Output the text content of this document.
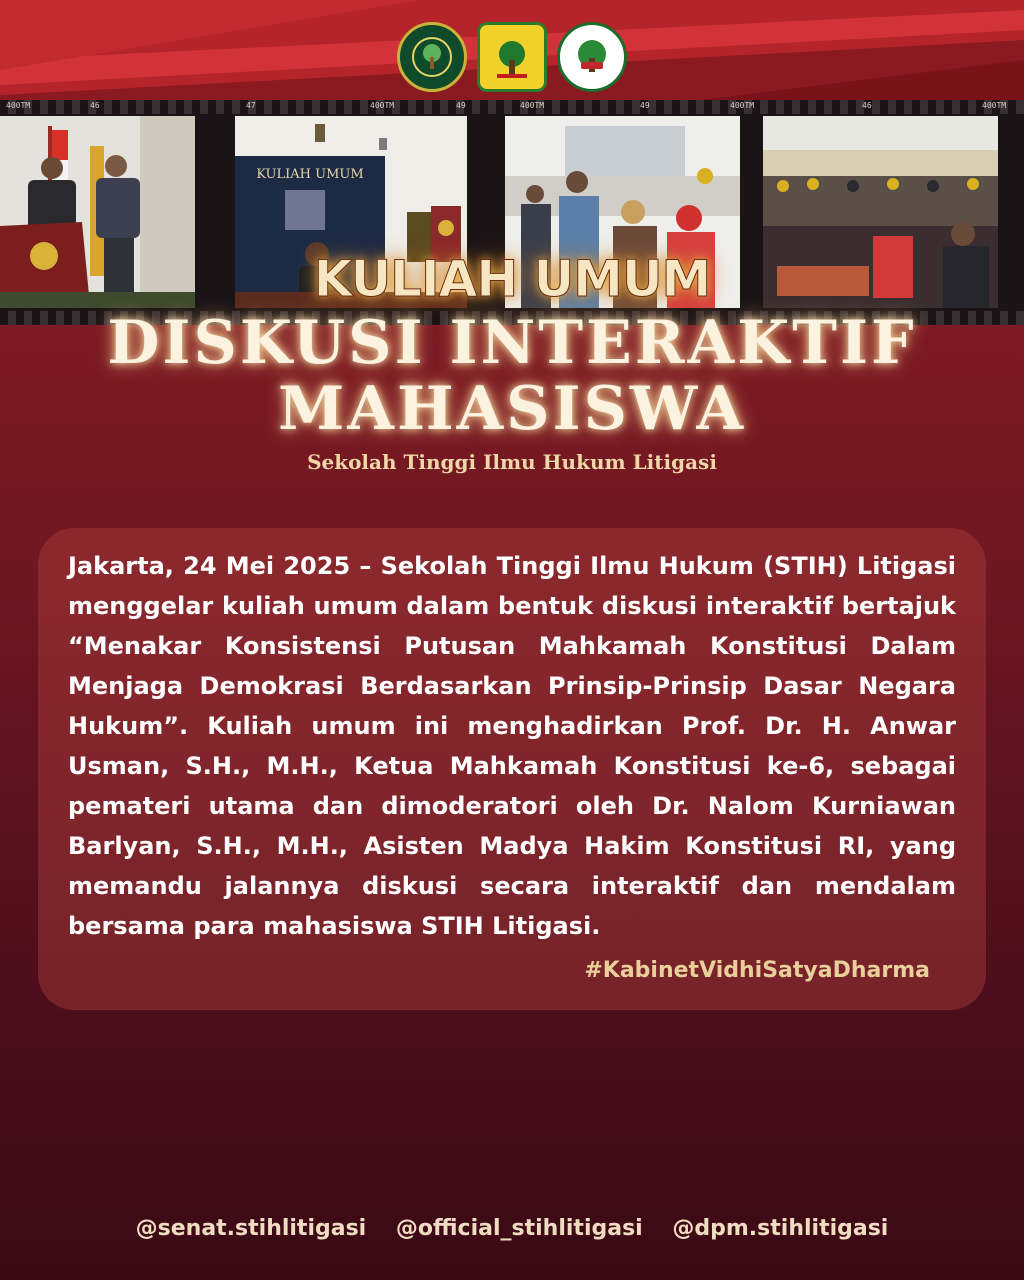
400TM	46	47	400TM	49	400TM	49	400TM	46	400TM
KULIAH UMUM
KULIAH UMUM
DISKUSI INTERAKTIF
MAHASISWA
Sekolah Tinggi Ilmu Hukum Litigasi

Jakarta, 24 Mei 2025 – Sekolah Tinggi Ilmu Hukum (STIH) Litigasi menggelar kuliah umum dalam bentuk diskusi interaktif bertajuk “Menakar Konsistensi Putusan Mahkamah Konstitusi Dalam Menjaga Demokrasi Berdasarkan Prinsip-Prinsip Dasar Negara Hukum”. Kuliah umum ini menghadirkan Prof. Dr. H. Anwar Usman, S.H., M.H., Ketua Mahkamah Konstitusi ke-6, sebagai pemateri utama dan dimoderatori oleh Dr. Nalom Kurniawan Barlyan, S.H., M.H., Asisten Madya Hakim Konstitusi RI, yang memandu jalannya diskusi secara interaktif dan mendalam bersama para mahasiswa STIH Litigasi.

#KabinetVidhiSatyaDharma
@senat.stihlitigasi @official_stihlitigasi @dpm.stihlitigasi
